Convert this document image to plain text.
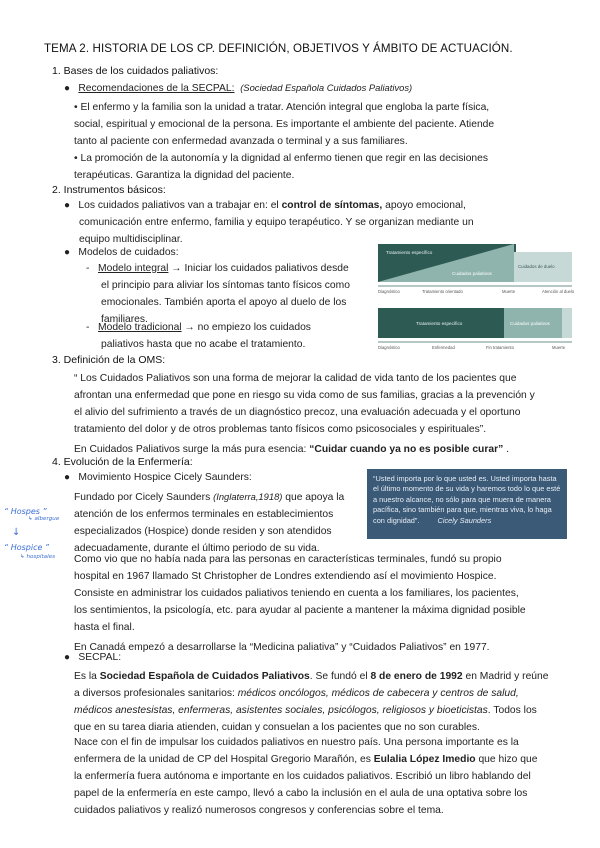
TEMA 2. HISTORIA DE LOS CP. DEFINICIÓN, OBJETIVOS Y ÁMBITO DE ACTUACIÓN.
1. Bases de los cuidados paliativos:
●   Recomendaciones de la SECPAL: (Sociedad Española Cuidados Paliativos)
• El enfermo y la familia son la unidad a tratar. Atención integral que engloba la parte física,
social, espiritual y emocional de la persona. Es importante el ambiente del paciente. Atiende
tanto al paciente con enfermedad avanzada o terminal y a sus familiares.
• La promoción de la autonomía y la dignidad al enfermo tienen que regir en las decisiones
terapéuticas. Garantiza la dignidad del paciente.
2. Instrumentos básicos:
●   Los cuidados paliativos van a trabajar en: el control de síntomas, apoyo emocional,
comunicación entre enfermo, familia y equipo terapéutico. Y se organizan mediante un
equipo multidisciplinar.
●   Modelos de cuidados:
-   Modelo integral → Iniciar los cuidados paliativos desde
el principio para aliviar los síntomas tanto físicos como
emocionales. También aporta el apoyo al duelo de los
familiares.
-   Modelo tradicional → no empiezo los cuidados
paliativos hasta que no acabe el tratamiento.
Tratamiento específico
Cuidados paliativos
Cuidados de duelo
Diagnóstico	Tratamiento orientado	Muerte	Atención al duelo
Tratamiento específico	Cuidados paliativos
Diagnóstico	Enfermedad	Fin tratamiento	Muerte
3. Definición de la OMS:
“ Los Cuidados Paliativos son una forma de mejorar la calidad de vida tanto de los pacientes que
afrontan una enfermedad que pone en riesgo su vida como de sus familias, gracias a la prevención y
el alivio del sufrimiento a través de un diagnóstico precoz, una evaluación adecuada y el oportuno
tratamiento del dolor y de otros problemas tanto físicos como psicosociales y espirituales”.
En Cuidados Paliativos surge la más pura esencia: “Cuidar cuando ya no es posible curar” .
4. Evolución de la Enfermería:
●   Movimiento Hospice Cicely Saunders:
Fundado por Cicely Saunders (Inglaterra,1918) que apoya la
atención de los enfermos terminales en establecimientos
especializados (Hospice) donde residen y son atendidos
adecuadamente, durante el último periodo de su vida.
“Usted importa por lo que usted es. Usted importa hasta el último momento de su vida y haremos todo lo que esté a nuestro alcance, no sólo para que muera de manera pacífica, sino también para que, mientras viva, lo haga con dignidad”. Cicely Saunders
“ Hospes ”
↳ albergue
↓
“ Hospice ”
↳ hospitales Como vio que no había nada para las personas en características terminales, fundó su propio
hospital en 1967 llamado St Christopher de Londres extendiendo así el movimiento Hospice.
Consiste en administrar los cuidados paliativos teniendo en cuenta a los familiares, los pacientes,
los sentimientos, la psicología, etc. para ayudar al paciente a mantener la máxima dignidad posible
hasta el final.
En Canadá empezó a desarrollarse la “Medicina paliativa” y “Cuidados Paliativos” en 1977.
●   SECPAL:
Es la Sociedad Española de Cuidados Paliativos. Se fundó el 8 de enero de 1992 en Madrid y reúne
a diversos profesionales sanitarios: médicos oncólogos, médicos de cabecera y centros de salud,
médicos anestesistas, enfermeras, asistentes sociales, psicólogos, religiosos y bioeticistas. Todos los
que en su tarea diaria atienden, cuidan y consuelan a los pacientes que no son curables.
Nace con el fin de impulsar los cuidados paliativos en nuestro país. Una persona importante es la
enfermera de la unidad de CP del Hospital Gregorio Marañón, es Eulalia López Imedio que hizo que
la enfermería fuera autónoma e importante en los cuidados paliativos. Escribió un libro hablando del
papel de la enfermería en este campo, llevó a cabo la inclusión en el aula de una optativa sobre los
cuidados paliativos y realizó numerosos congresos y conferencias sobre el tema.
